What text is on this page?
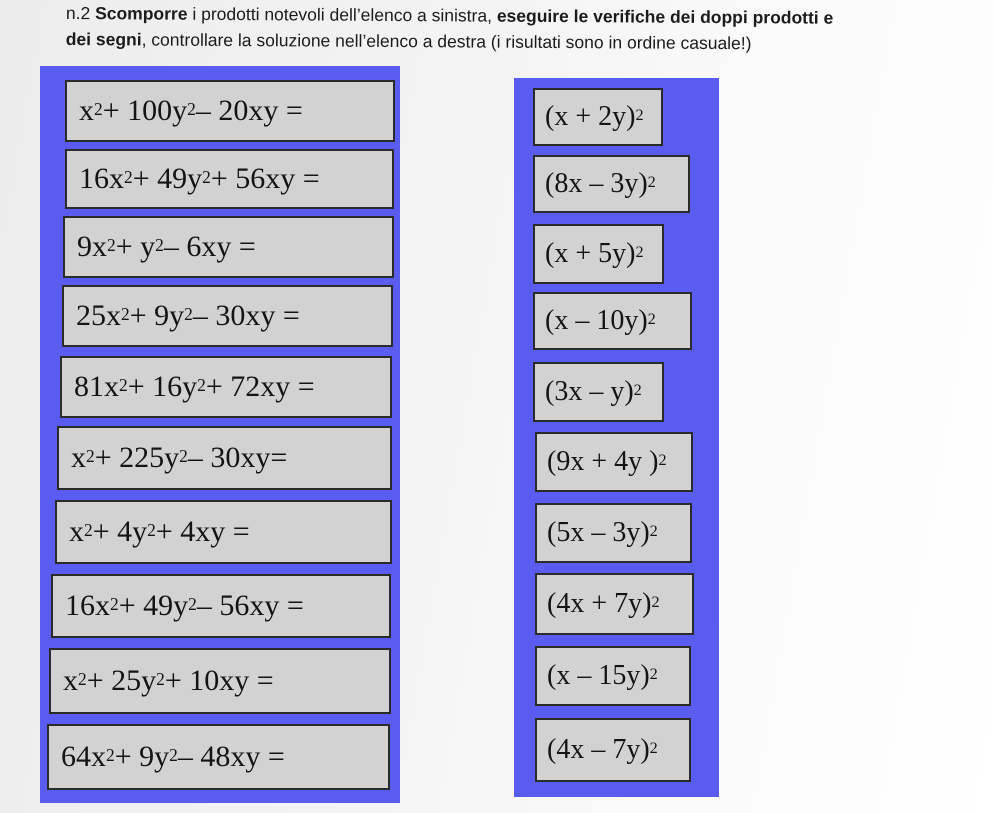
n.2 Scomporre i prodotti notevoli dell’elenco a sinistra, eseguire le verifiche dei doppi prodotti e
dei segni, controllare la soluzione nell’elenco a destra (i risultati sono in ordine casuale!)
x 2 + 100y 2 – 20xy =
16x 2 + 49y 2 + 56xy =
9x 2 + y 2 – 6xy =
25x 2 + 9y 2 – 30xy =
81x 2 + 16y 2 + 72xy =
x 2 + 225y 2 – 30xy=
x 2 + 4y 2 + 4xy =
16x 2 + 49y 2 – 56xy =
x 2 + 25y 2 + 10xy =
64x 2 + 9y 2 – 48xy =
(x + 2y) 2
(8x – 3y) 2
(x + 5y) 2
(x – 10y) 2
(3x – y) 2
(9x + 4y ) 2
(5x – 3y) 2
(4x + 7y) 2
(x – 15y) 2
(4x – 7y) 2
